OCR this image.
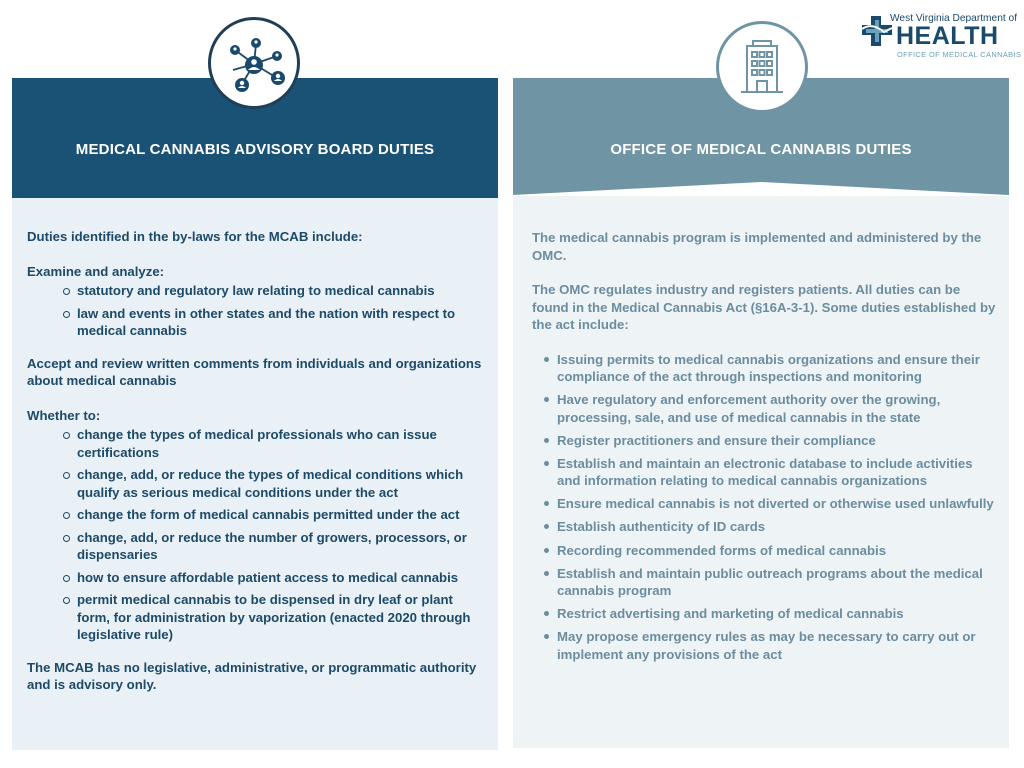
MEDICAL CANNABIS ADVISORY BOARD DUTIES	OFFICE OF MEDICAL CANNABIS DUTIES
West Virginia Department of
HEALTH
OFFICE OF MEDICAL CANNABIS
Duties identified in the by-laws for the MCAB include:
Examine and analyze:
statutory and regulatory law relating to medical cannabis
law and events in other states and the nation with respect to medical cannabis
Accept and review written comments from individuals and organizations about medical cannabis
Whether to:
change the types of medical professionals who can issue certifications
change, add, or reduce the types of medical conditions which qualify as serious medical conditions under the act
change the form of medical cannabis permitted under the act
change, add, or reduce the number of growers, processors, or dispensaries
how to ensure affordable patient access to medical cannabis
permit medical cannabis to be dispensed in dry leaf or plant form, for administration by vaporization (enacted 2020 through legislative rule)
The MCAB has no legislative, administrative, or programmatic authority and is advisory only.
The medical cannabis program is implemented and administered by the OMC.
The OMC regulates industry and registers patients. All duties can be found in the Medical Cannabis Act (§16A-3-1). Some duties established by the act include:
Issuing permits to medical cannabis organizations and ensure their compliance of the act through inspections and monitoring
Have regulatory and enforcement authority over the growing, processing, sale, and use of medical cannabis in the state
Register practitioners and ensure their compliance
Establish and maintain an electronic database to include activities and information relating to medical cannabis organizations
Ensure medical cannabis is not diverted or otherwise used unlawfully
Establish authenticity of ID cards
Recording recommended forms of medical cannabis
Establish and maintain public outreach programs about the medical cannabis program
Restrict advertising and marketing of medical cannabis
May propose emergency rules as may be necessary to carry out or implement any provisions of the act
